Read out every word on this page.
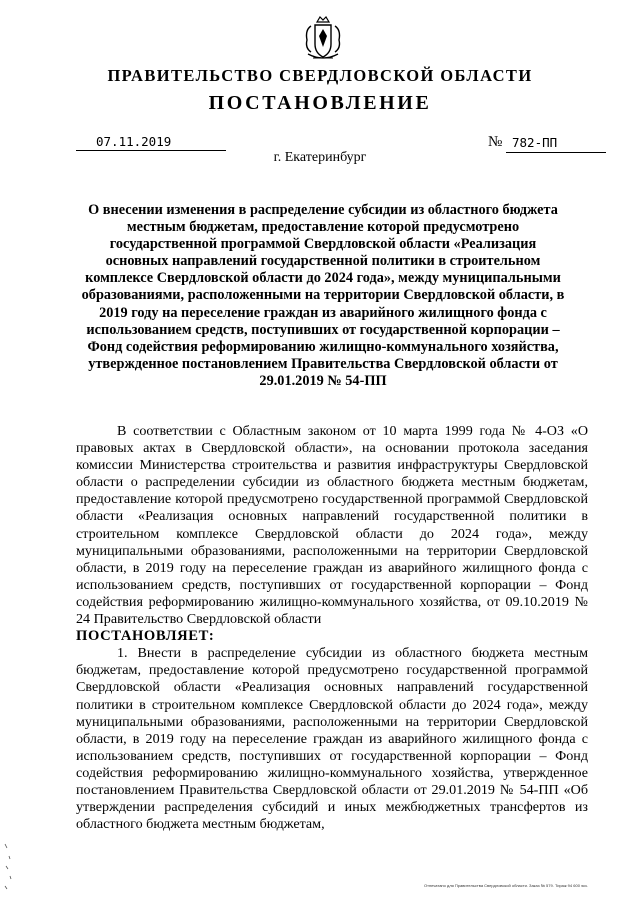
ПРАВИТЕЛЬСТВО СВЕРДЛОВСКОЙ ОБЛАСТИ
ПОСТАНОВЛЕНИЕ
07.11.2019	№ 782-ПП
г. Екатеринбург
О внесении изменения в распределение субсидии из областного бюджета местным бюджетам, предоставление которой предусмотрено государственной программой Свердловской области «Реализация основных направлений государственной политики в строительном комплексе Свердловской области до 2024 года», между муниципальными образованиями, расположенными на территории Свердловской области, в 2019 году на переселение граждан из аварийного жилищного фонда с использованием средств, поступивших от государственной корпорации – Фонд содействия реформированию жилищно-коммунального хозяйства, утвержденное постановлением Правительства Свердловской области от 29.01.2019 № 54-ПП

В соответствии с Областным законом от 10 марта 1999 года № 4-ОЗ «О правовых актах в Свердловской области», на основании протокола заседания комиссии Министерства строительства и развития инфраструктуры Свердловской области о распределении субсидии из областного бюджета местным бюджетам, предоставление которой предусмотрено государственной программой Свердловской области «Реализация основных направлений государственной политики в строительном комплексе Свердловской области до 2024 года», между муниципальными образованиями, расположенными на территории Свердловской области, в 2019 году на переселение граждан из аварийного жилищного фонда с использованием средств, поступивших от государственной корпорации – Фонд содействия реформированию жилищно-коммунального хозяйства, от 09.10.2019 № 24 Правительство Свердловской области

ПОСТАНОВЛЯЕТ:

1. Внести в распределение субсидии из областного бюджета местным бюджетам, предоставление которой предусмотрено государственной программой Свердловской области «Реализация основных направлений государственной политики в строительном комплексе Свердловской области до 2024 года», между муниципальными образованиями, расположенными на территории Свердловской области, в 2019 году на переселение граждан из аварийного жилищного фонда с использованием средств, поступивших от государственной корпорации – Фонд содействия реформированию жилищно-коммунального хозяйства, утвержденное постановлением Правительства Свердловской области от 29.01.2019 № 54-ПП «Об утверждении распределения субсидий и иных межбюджетных трансфертов из областного бюджета местным бюджетам,

Отпечатано для Правительства Свердловской области. Заказ № 579. Тираж 94 600 экз.
